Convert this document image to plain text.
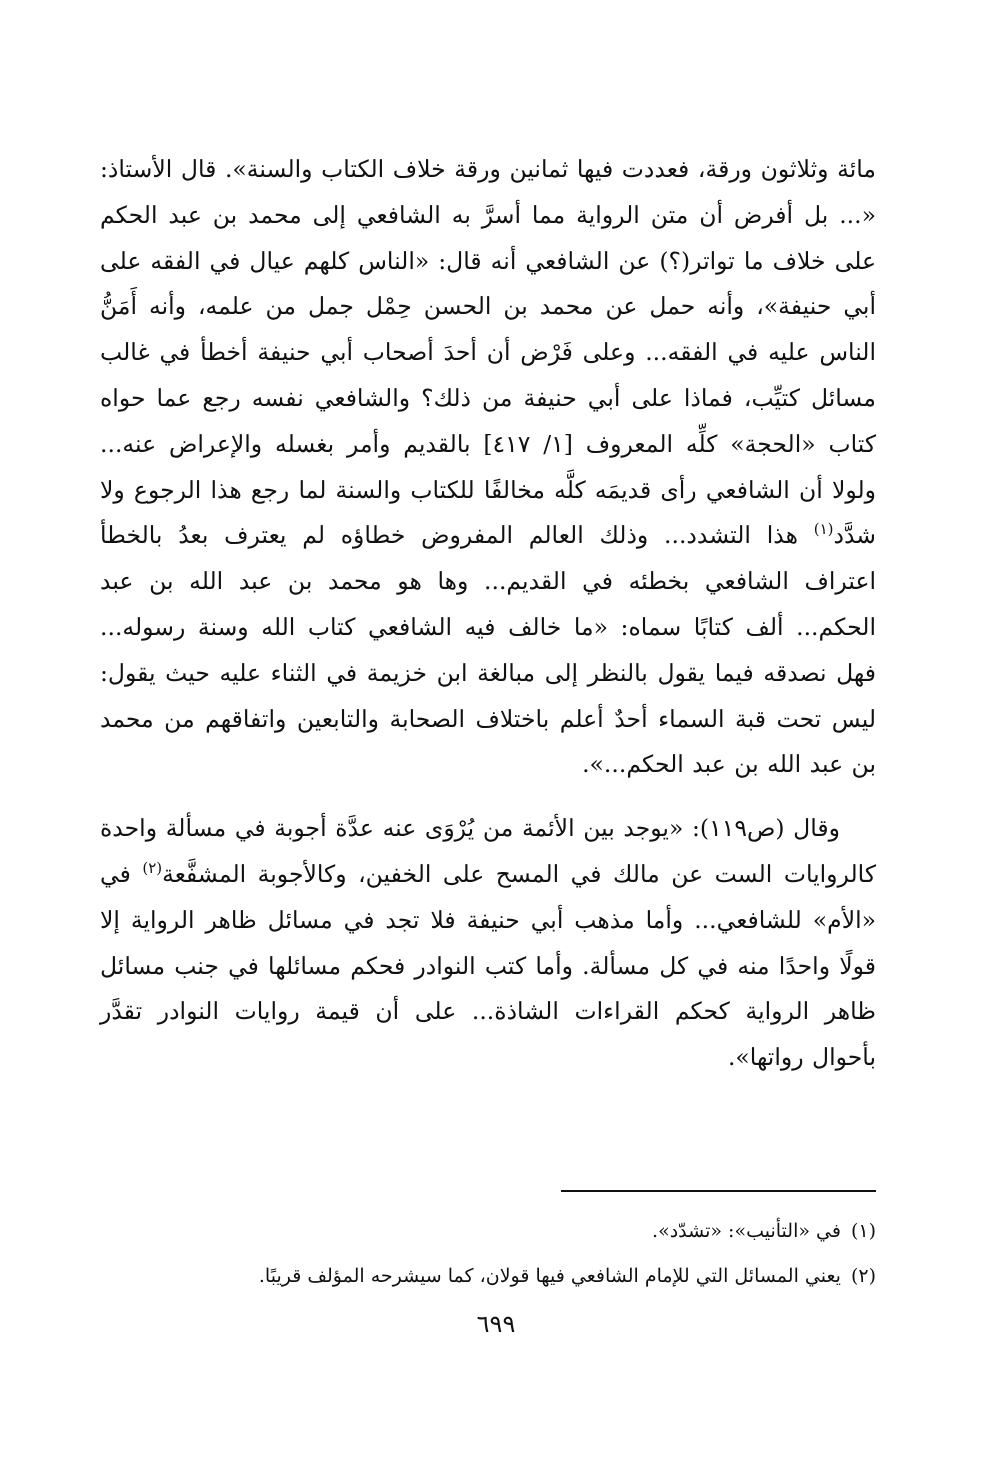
مائة وثلاثون ورقة، فعددت فيها ثمانين ورقة خلاف الكتاب والسنة». قال الأستاذ: «... بل أفرض أن متن الرواية مما أسرَّ به الشافعي إلى محمد بن عبد الحكم على خلاف ما تواتر(؟) عن الشافعي أنه قال: «الناس كلهم عيال في الفقه على أبي حنيفة»، وأنه حمل عن محمد بن الحسن حِمْل جمل من علمه، وأنه أَمَنُّ الناس عليه في الفقه... وعلى فَرْض أن أحدَ أصحاب أبي حنيفة أخطأ في غالب مسائل كتيِّب، فماذا على أبي حنيفة من ذلك؟ والشافعي نفسه رجع عما حواه كتاب «الحجة» كلِّه المعروف [١/ ٤١٧] بالقديم وأمر بغسله والإعراض عنه... ولولا أن الشافعي رأى قديمَه كلَّه مخالفًا للكتاب والسنة لما رجع هذا الرجوع ولا شدَّد$^{(١)}$ هذا التشدد... وذلك العالم المفروض خطاؤه لم يعترف بعدُ بالخطأ اعتراف الشافعي بخطئه في القديم... وها هو محمد بن عبد الله بن عبد الحكم... ألف كتابًا سماه: «ما خالف فيه الشافعي كتاب الله وسنة رسوله... فهل نصدقه فيما يقول بالنظر إلى مبالغة ابن خزيمة في الثناء عليه حيث يقول: ليس تحت قبة السماء أحدٌ أعلم باختلاف الصحابة والتابعين واتفاقهم من محمد بن عبد الله بن عبد الحكم...».

وقال (ص١١٩): «يوجد بين الأئمة من يُرْوَى عنه عدَّة أجوبة في مسألة واحدة كالروايات الست عن مالك في المسح على الخفين، وكالأجوبة المشفَّعة$^{(٢)}$ في «الأم» للشافعي... وأما مذهب أبي حنيفة فلا تجد في مسائل ظاهر الرواية إلا قولًا واحدًا منه في كل مسألة. وأما كتب النوادر فحكم مسائلها في جنب مسائل ظاهر الرواية كحكم القراءات الشاذة... على أن قيمة روايات النوادر تقدَّر بأحوال رواتها».

(١)في «التأنيب»: «تشدّد».

(٢)يعني المسائل التي للإمام الشافعي فيها قولان، كما سيشرحه المؤلف قريبًا.

٦٩٩
